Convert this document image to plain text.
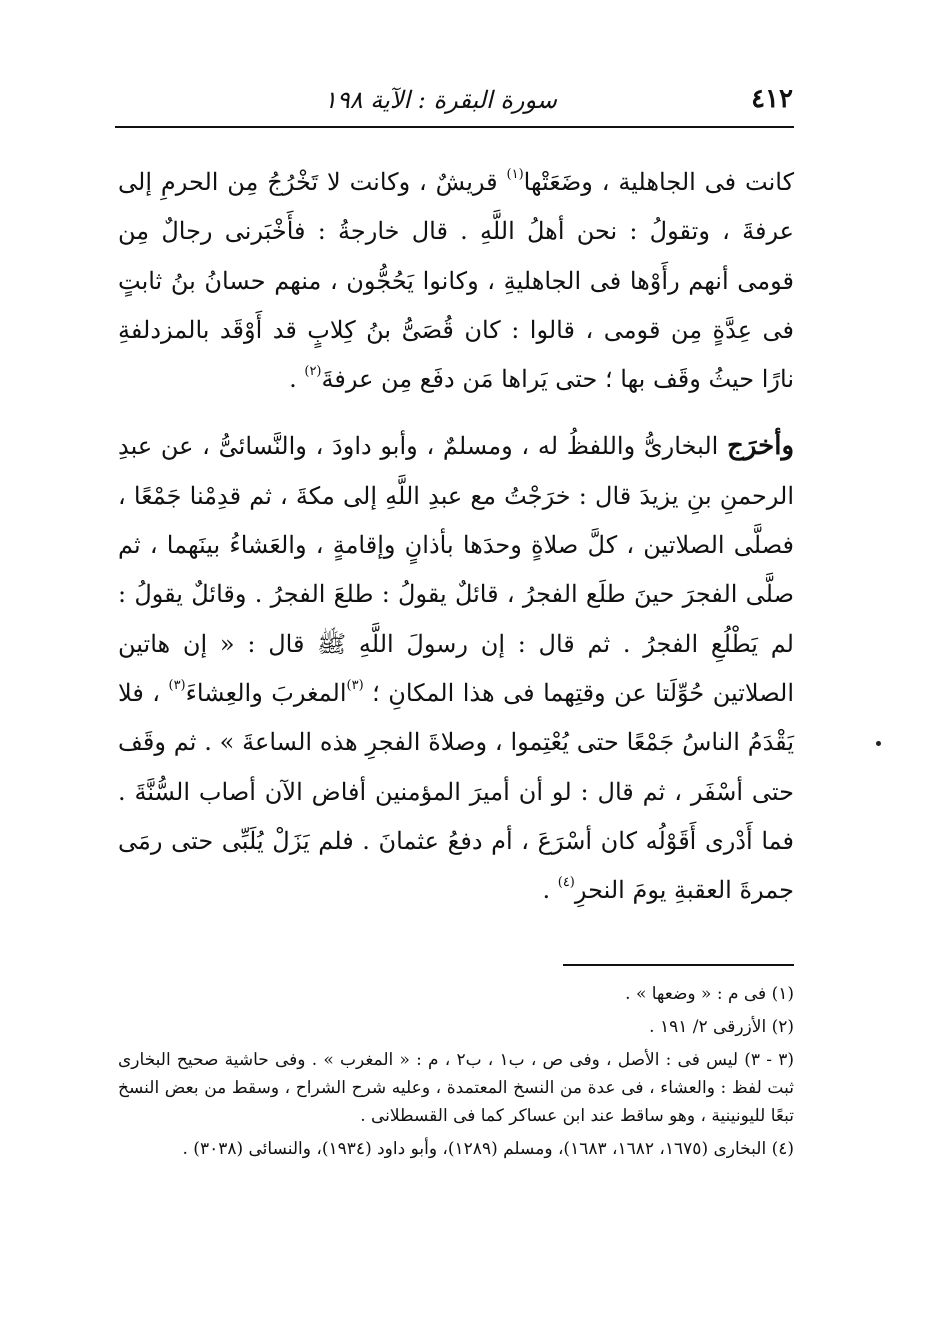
٤١٢
سورة البقرة : الآية ١٩٨

كانت فى الجاهلية ، وضَعَتْها$^{(١)}$ قريشٌ ، وكانت لا تَخْرُجُ مِن الحرمِ إلى عرفةَ ، وتقولُ : نحن أهلُ اللَّهِ . قال خارجةُ : فأَخْبَرنى رجالٌ مِن قومى أنهم رأَوْها فى الجاهليةِ ، وكانوا يَحُجُّون ، منهم حسانُ بنُ ثابتٍ فى عِدَّةٍ مِن قومى ، قالوا : كان قُصَىُّ بنُ كِلابٍ قد أَوْقَد بالمزدلفةِ نارًا حيثُ وقَف بها ؛ حتى يَراها مَن دفَع مِن عرفةَ$^{(٢)}$ .

وأخرَج البخارىُّ واللفظُ له ، ومسلمٌ ، وأبو داودَ ، والنَّسائىُّ ، عن عبدِ الرحمنِ بنِ يزيدَ قال : خرَجْتُ مع عبدِ اللَّهِ إلى مكةَ ، ثم قدِمْنا جَمْعًا ، فصلَّى الصلاتين ، كلَّ صلاةٍ وحدَها بأذانٍ وإقامةٍ ، والعَشاءُ بينَهما ، ثم صلَّى الفجرَ حينَ طلَع الفجرُ ، قائلٌ يقولُ : طلعَ الفجرُ . وقائلٌ يقولُ : لم يَطْلُعِ الفجرُ . ثم قال : إن رسولَ اللَّهِ ﷺ قال : « إن هاتين الصلاتين حُوِّلَتا عن وقتِهما فى هذا المكانِ ؛ $^{(٣)}$المغربَ والعِشاءَ$^{(٣)}$ ، فلا يَقْدَمُ الناسُ جَمْعًا حتى يُعْتِموا ، وصلاةَ الفجرِ هذه الساعةَ » . ثم وقَف حتى أسْفَر ، ثم قال : لو أن أميرَ المؤمنين أفاض الآن أصاب السُّنَّةَ . فما أَدْرى أَقَوْلُه كان أسْرَعَ ، أم دفعُ عثمانَ . فلم يَزَلْ يُلَبِّى حتى رمَى جمرةَ العقبةِ يومَ النحرِ$^{(٤)}$ .

(١) فى م : « وضعها » .

(٢) الأزرقى ٢/ ١٩١ .

(٣ - ٣) ليس فى : الأصل ، وفى ص ، ب١ ، ب٢ ، م : « المغرب » . وفى حاشية صحيح البخارى ثبت لفظ : والعشاء ، فى عدة من النسخ المعتمدة ، وعليه شرح الشراح ، وسقط من بعض النسخ تبعًا لليونينية ، وهو ساقط عند ابن عساكر كما فى القسطلانى .

(٤) البخارى (١٦٧٥، ١٦٨٢، ١٦٨٣)، ومسلم (١٢٨٩)، وأبو داود (١٩٣٤)، والنسائى (٣٠٣٨) .
